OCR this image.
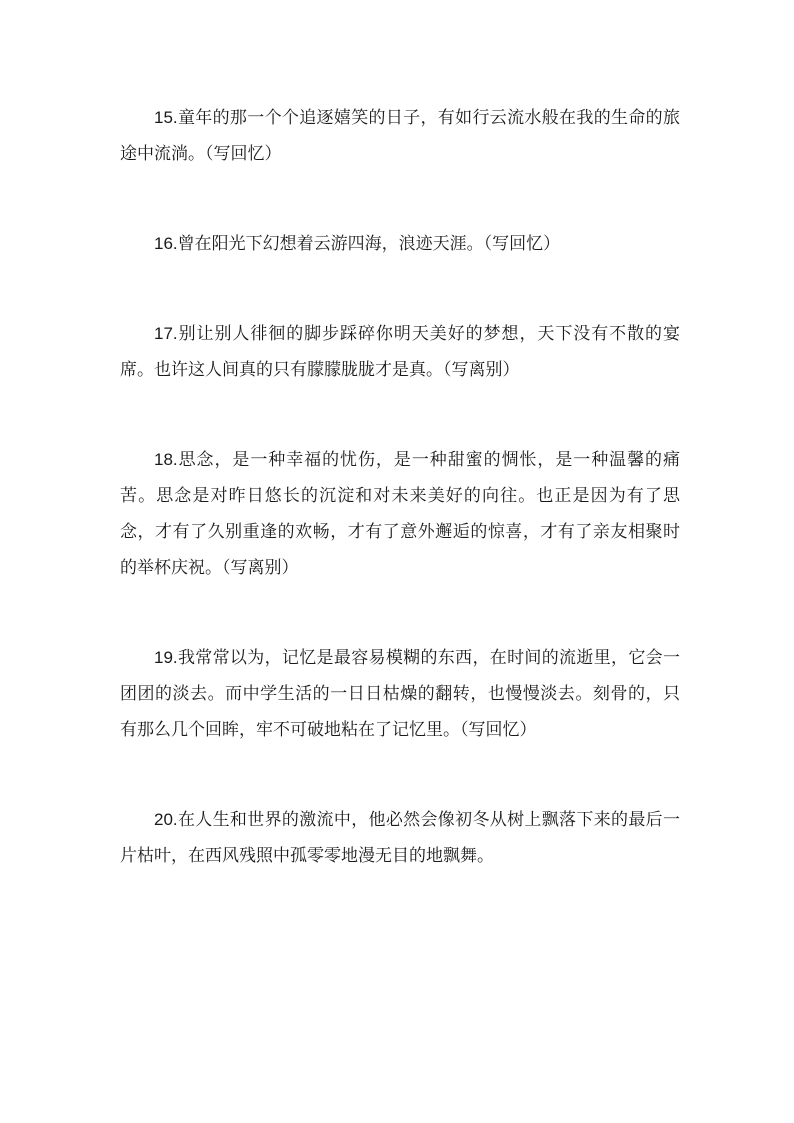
15.童年的那一个个追逐嬉笑的日子，有如行云流水般在我的生命的旅途中流淌。（写回忆）

16.曾在阳光下幻想着云游四海，浪迹天涯。（写回忆）

17.别让别人徘徊的脚步踩碎你明天美好的梦想，天下没有不散的宴席。也许这人间真的只有朦朦胧胧才是真。（写离别）

18.思念，是一种幸福的忧伤，是一种甜蜜的惆怅，是一种温馨的痛苦。思念是对昨日悠长的沉淀和对未来美好的向往。也正是因为有了思念，才有了久别重逢的欢畅，才有了意外邂逅的惊喜，才有了亲友相聚时的举杯庆祝。（写离别）

19.我常常以为，记忆是最容易模糊的东西，在时间的流逝里，它会一团团的淡去。而中学生活的一日日枯燥的翻转，也慢慢淡去。刻骨的，只有那么几个回眸，牢不可破地粘在了记忆里。（写回忆）

20.在人生和世界的激流中，他必然会像初冬从树上飘落下来的最后一片枯叶，在西风残照中孤零零地漫无目的地飘舞。
